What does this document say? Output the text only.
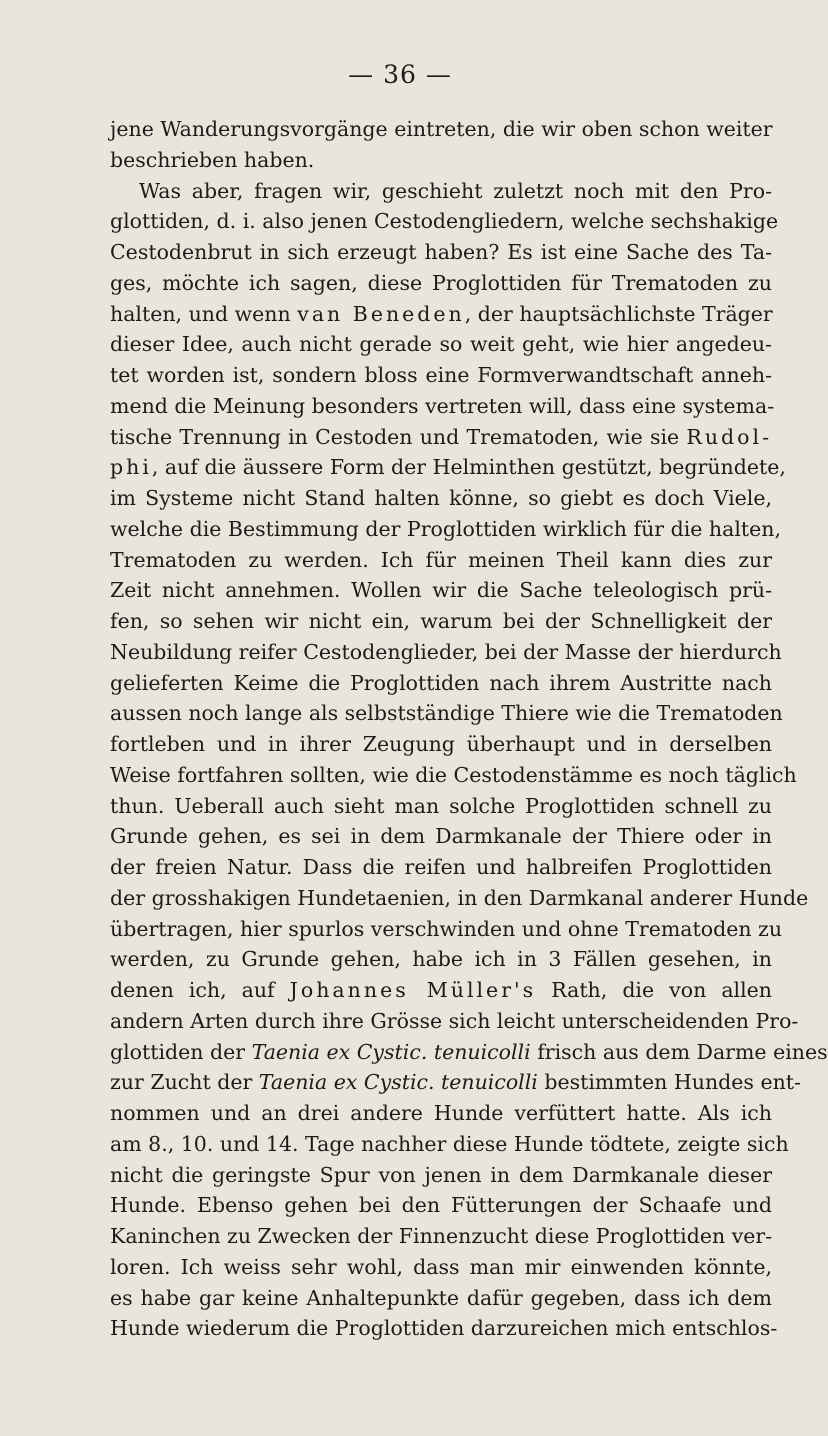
— 36 —
jene Wanderungsvorgänge eintreten, die wir oben schon weiter
beschrieben haben.
Was aber, fragen wir, geschieht zuletzt noch mit den Pro-
glottiden, d. i. also jenen Cestodengliedern, welche sechshakige
Cestodenbrut in sich erzeugt haben? Es ist eine Sache des Ta-
ges, möchte ich sagen, diese Proglottiden für Trematoden zu
halten, und wenn van Beneden, der hauptsächlichste Träger
dieser Idee, auch nicht gerade so weit geht, wie hier angedeu-
tet worden ist, sondern bloss eine Formverwandtschaft anneh-
mend die Meinung besonders vertreten will, dass eine systema-
tische Trennung in Cestoden und Trematoden, wie sie Rudol-
phi, auf die äussere Form der Helminthen gestützt, begründete,
im Systeme nicht Stand halten könne, so giebt es doch Viele,
welche die Bestimmung der Proglottiden wirklich für die halten,
Trematoden zu werden. Ich für meinen Theil kann dies zur
Zeit nicht annehmen. Wollen wir die Sache teleologisch prü-
fen, so sehen wir nicht ein, warum bei der Schnelligkeit der
Neubildung reifer Cestodenglieder, bei der Masse der hierdurch
gelieferten Keime die Proglottiden nach ihrem Austritte nach
aussen noch lange als selbstständige Thiere wie die Trematoden
fortleben und in ihrer Zeugung überhaupt und in derselben
Weise fortfahren sollten, wie die Cestodenstämme es noch täglich
thun. Ueberall auch sieht man solche Proglottiden schnell zu
Grunde gehen, es sei in dem Darmkanale der Thiere oder in
der freien Natur. Dass die reifen und halbreifen Proglottiden
der grosshakigen Hundetaenien, in den Darmkanal anderer Hunde
übertragen, hier spurlos verschwinden und ohne Trematoden zu
werden, zu Grunde gehen, habe ich in 3 Fällen gesehen, in
denen ich, auf Johannes Müller's Rath, die von allen
andern Arten durch ihre Grösse sich leicht unterscheidenden Pro-
glottiden der Taenia ex Cystic. tenuicolli frisch aus dem Darme eines
zur Zucht der Taenia ex Cystic. tenuicolli bestimmten Hundes ent-
nommen und an drei andere Hunde verfüttert hatte. Als ich
am 8., 10. und 14. Tage nachher diese Hunde tödtete, zeigte sich
nicht die geringste Spur von jenen in dem Darmkanale dieser
Hunde. Ebenso gehen bei den Fütterungen der Schaafe und
Kaninchen zu Zwecken der Finnenzucht diese Proglottiden ver-
loren. Ich weiss sehr wohl, dass man mir einwenden könnte,
es habe gar keine Anhaltepunkte dafür gegeben, dass ich dem
Hunde wiederum die Proglottiden darzureichen mich entschlos-
